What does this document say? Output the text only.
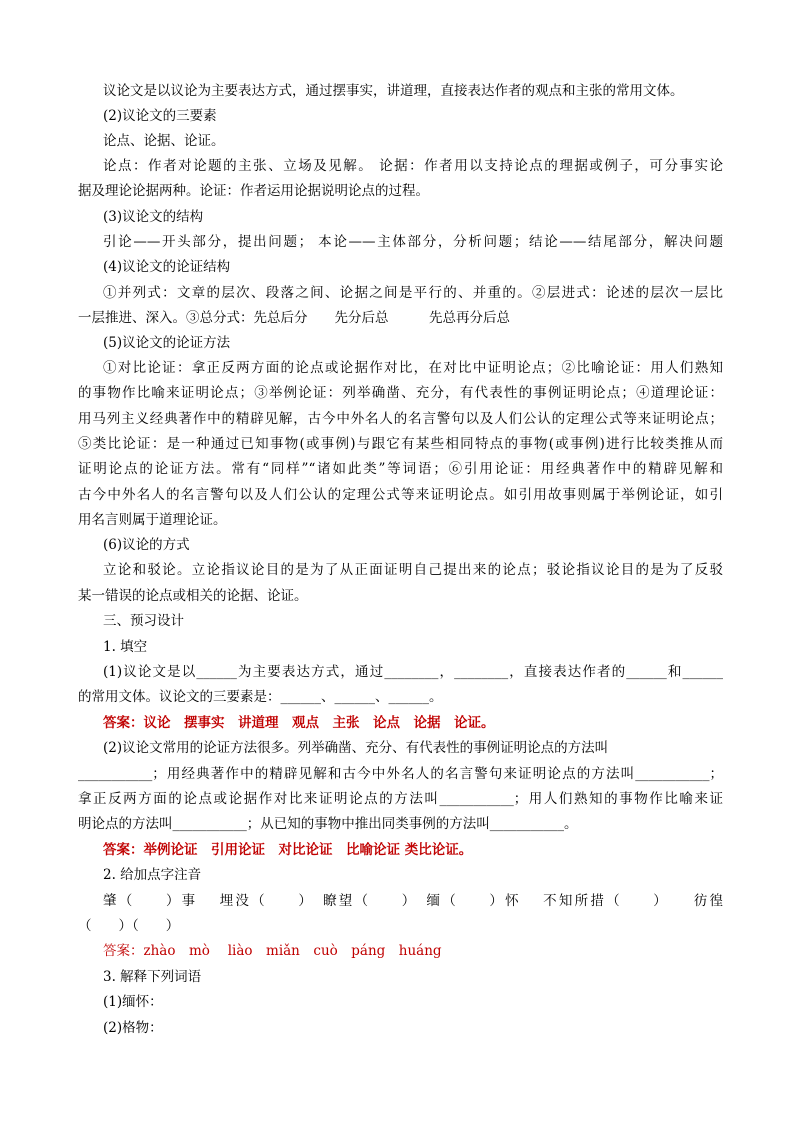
议论文是以议论为主要表达方式，通过摆事实，讲道理，直接表达作者的观点和主张的常用文体。
(2)议论文的三要素
论点、论据、论证。
论点：作者对论题的主张、立场及见解。 论据：作者用以支持论点的理据或例子，可分事实论
据及理论论据两种。论证：作者运用论据说明论点的过程。
(3)议论文的结构
引论——开头部分，提出问题； 本论——主体部分，分析问题；结论——结尾部分，解决问题
(4)议论文的论证结构
①并列式：文章的层次、段落之间、论据之间是平行的、并重的。②层进式：论述的层次一层比
一层推进、深入。③总分式：先总后分　　先分后总　　　先总再分后总
(5)议论文的论证方法
①对比论证：拿正反两方面的论点或论据作对比，在对比中证明论点；②比喻论证：用人们熟知
的事物作比喻来证明论点；③举例论证：列举确凿、充分，有代表性的事例证明论点；④道理论证：
用马列主义经典著作中的精辟见解，古今中外名人的名言警句以及人们公认的定理公式等来证明论点；
⑤类比论证：是一种通过已知事物(或事例)与跟它有某些相同特点的事物(或事例)进行比较类推从而
证明论点的论证方法。常有“同样”“诸如此类”等词语；⑥引用论证：用经典著作中的精辟见解和
古今中外名人的名言警句以及人们公认的定理公式等来证明论点。如引用故事则属于举例论证，如引
用名言则属于道理论证。
(6)议论的方式
立论和驳论。立论指议论目的是为了从正面证明自己提出来的论点；驳论指议论目的是为了反驳
某一错误的论点或相关的论据、论证。
三、预习设计
1. 填空
(1)议论文是以______为主要表达方式，通过________，________，直接表达作者的______和______
的常用文体。议论文的三要素是：______、______、______。
答案：议论　摆事实　讲道理　观点　主张　论点　论据　论证。
(2)议论文常用的论证方法很多。列举确凿、充分、有代表性的事例证明论点的方法叫
___________；用经典著作中的精辟见解和古今中外名人的名言警句来证明论点的方法叫___________；
拿正反两方面的论点或论据作对比来证明论点的方法叫___________；用人们熟知的事物作比喻来证
明论点的方法叫___________；从已知的事物中推出同类事例的方法叫___________。
答案：举例论证　引用论证　对比论证　比喻论证 类比论证。
2. 给加点字注音
肇（　　）事　 埋没（　　）　瞭望（　　）　缅（　　）怀　 不知所措（　　）　　彷徨
（　　）（　　）
答案：zhào　mò　 liào　miǎn　cuò　páng　huáng
3. 解释下列词语
(1)缅怀：
(2)格物：
